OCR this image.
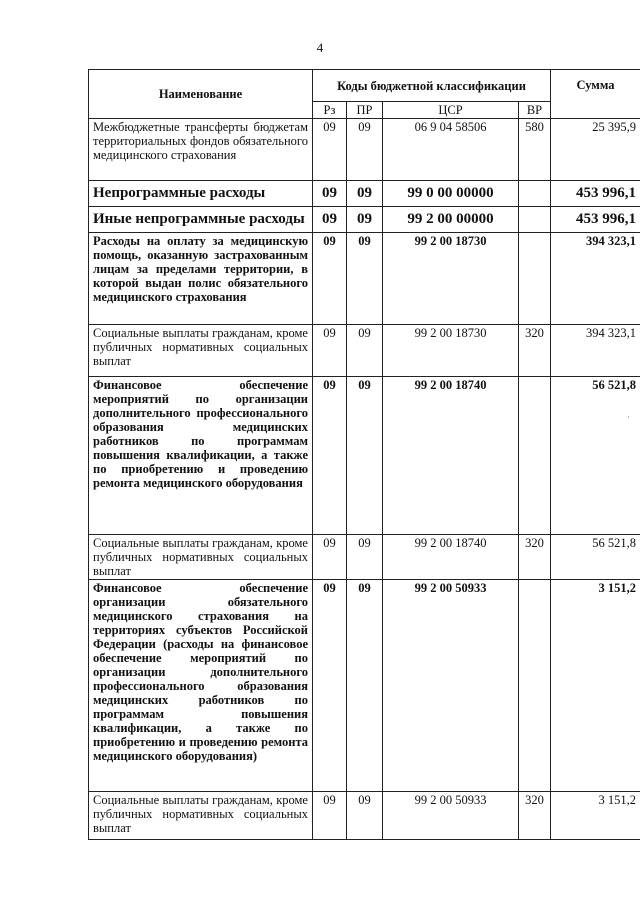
4
·
Наименование	Коды бюджетной классификации				Сумма
	Рз	ПР	ЦСР	ВР	
Межбюджетные трансферты бюджетам территориальных фондов обязательного медицинского страхования	09	09	06 9 04 58506	580	25 395,9
Непрограммные расходы	09	09	99 0 00 00000		453 996,1
Иные непрограммные расходы	09	09	99 2 00 00000		453 996,1
Расходы на оплату за медицинскую помощь, оказанную застрахованным лицам за пределами территории, в которой выдан полис обязательного медицинского страхования	09	09	99 2 00 18730		394 323,1
Социальные выплаты гражданам, кроме публичных нормативных социальных выплат	09	09	99 2 00 18730	320	394 323,1
Финансовое обеспечение мероприятий по организации дополнительного профессионального образования медицинских работников по программам повышения квалификации, а также по приобретению и проведению ремонта медицинского оборудования	09	09	99 2 00 18740		56 521,8
Социальные выплаты гражданам, кроме публичных нормативных социальных выплат	09	09	99 2 00 18740	320	56 521,8
Финансовое обеспечение организации обязательного медицинского страхования на территориях субъектов Российской Федерации (расходы на финансовое обеспечение мероприятий по организации дополнительного профессионального образования медицинских работников по программам повышения квалификации, а также по приобретению и проведению ремонта медицинского оборудования)	09	09	99 2 00 50933		3 151,2
Социальные выплаты гражданам, кроме публичных нормативных социальных выплат	09	09	99 2 00 50933	320	3 151,2
